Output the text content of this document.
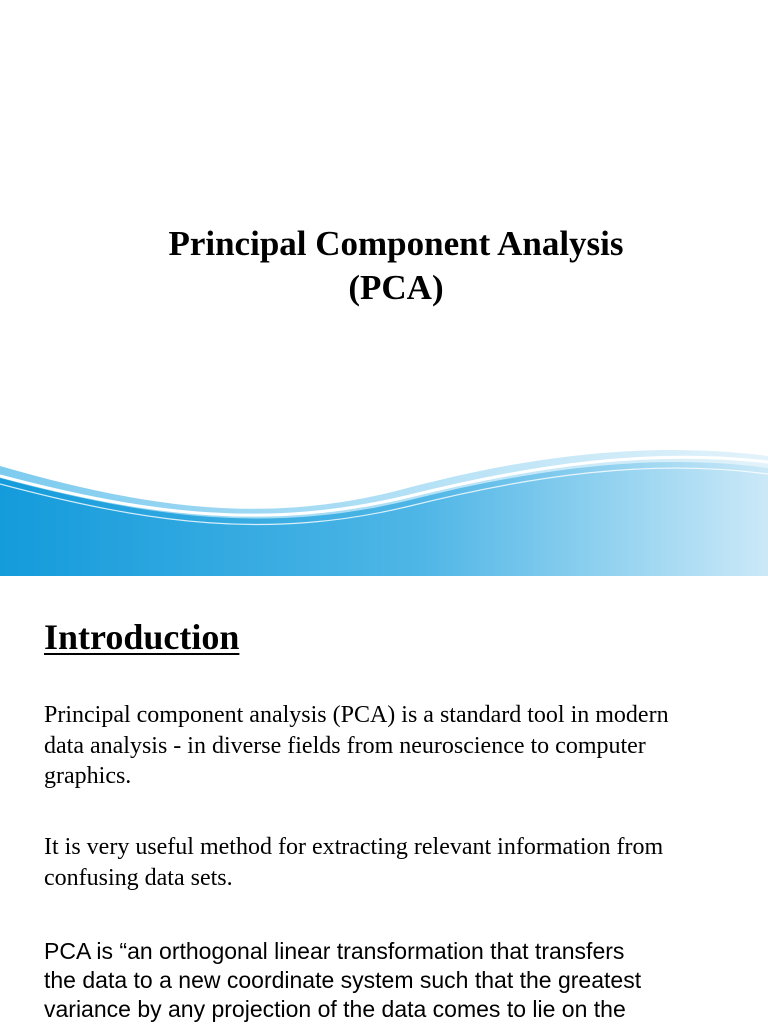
Principal Component Analysis
(PCA)
Introduction
Principal component analysis (PCA) is a standard tool in modern
data analysis - in diverse fields from neuroscience to computer
graphics.
It is very useful method for extracting relevant information from
confusing data sets.
PCA is “an orthogonal linear transformation that transfers
the data to a new coordinate system such that the greatest
variance by any projection of the data comes to lie on the
